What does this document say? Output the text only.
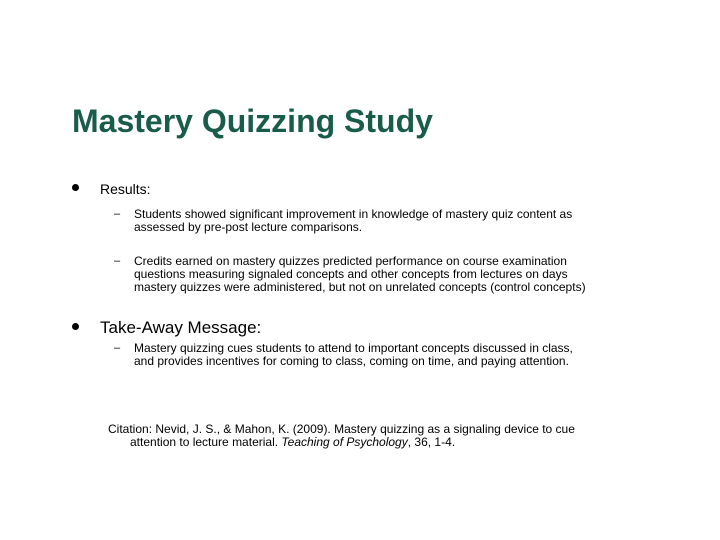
Mastery Quizzing Study
Results:
–	Students showed significant improvement in knowledge of mastery quiz content as
assessed by pre-post lecture comparisons.
–	Credits earned on mastery quizzes predicted performance on course examination
questions measuring signaled concepts and other concepts from lectures on days
mastery quizzes were administered, but not on unrelated concepts (control concepts)
Take-Away Message:
–	Mastery quizzing cues students to attend to important concepts discussed in class,
and provides incentives for coming to class, coming on time, and paying attention.
Citation: Nevid, J. S., & Mahon, K. (2009). Mastery quizzing as a signaling device to cue
attention to lecture material. Teaching of Psychology, 36, 1-4.
